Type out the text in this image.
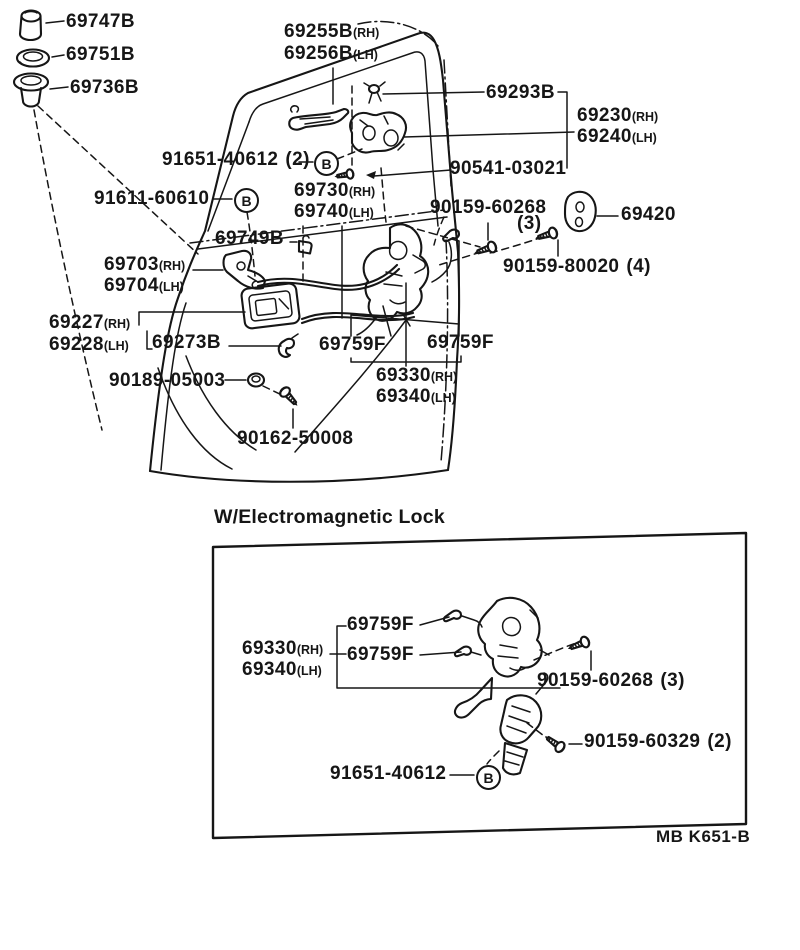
69747B
69751B
69736B
69255B(RH)
69256B(LH)
69293B
69230(RH)
69240(LH)
90541-03021
91651-40612 (2) B
91611-60610 B 69730(RH)
69740(LH)	90159-60268
(3)	69420
90159-80020 (4)
69749B
69703(RH)
69704(LH)
69227(RH)
69228(LH) 69273B	69759F 69759F
69330(RH)
69340(LH)
90189-05003
90162-50008
W/Electromagnetic Lock
69759F
69759F
69330(RH)
69340(LH)	90159-60268 (3)
90159-60329 (2)
91651-40612	B
MB K651-B
